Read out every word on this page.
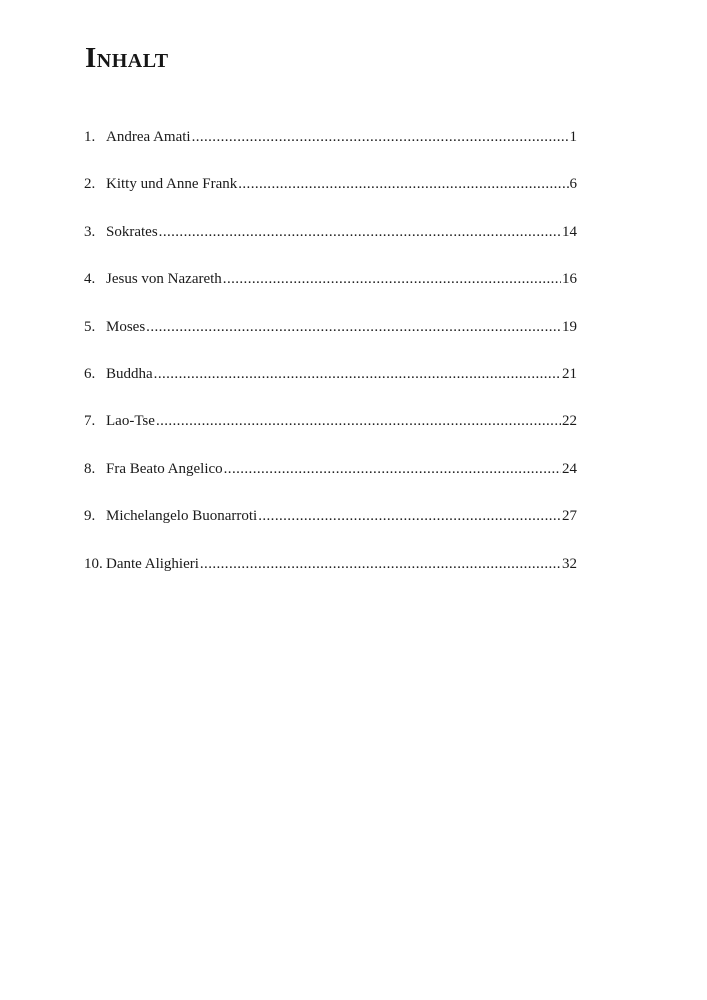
Inhalt
1. Andrea Amati .....	1
2. Kitty und Anne Frank .....	6
3. Sokrates .....	14
4. Jesus von Nazareth .....	16
5. Moses .....	19
6. Buddha .....	21
7. Lao-Tse .....	22
8. Fra Beato Angelico .....	24
9. Michelangelo Buonarroti .....	27
10. Dante Alighieri .....	32
